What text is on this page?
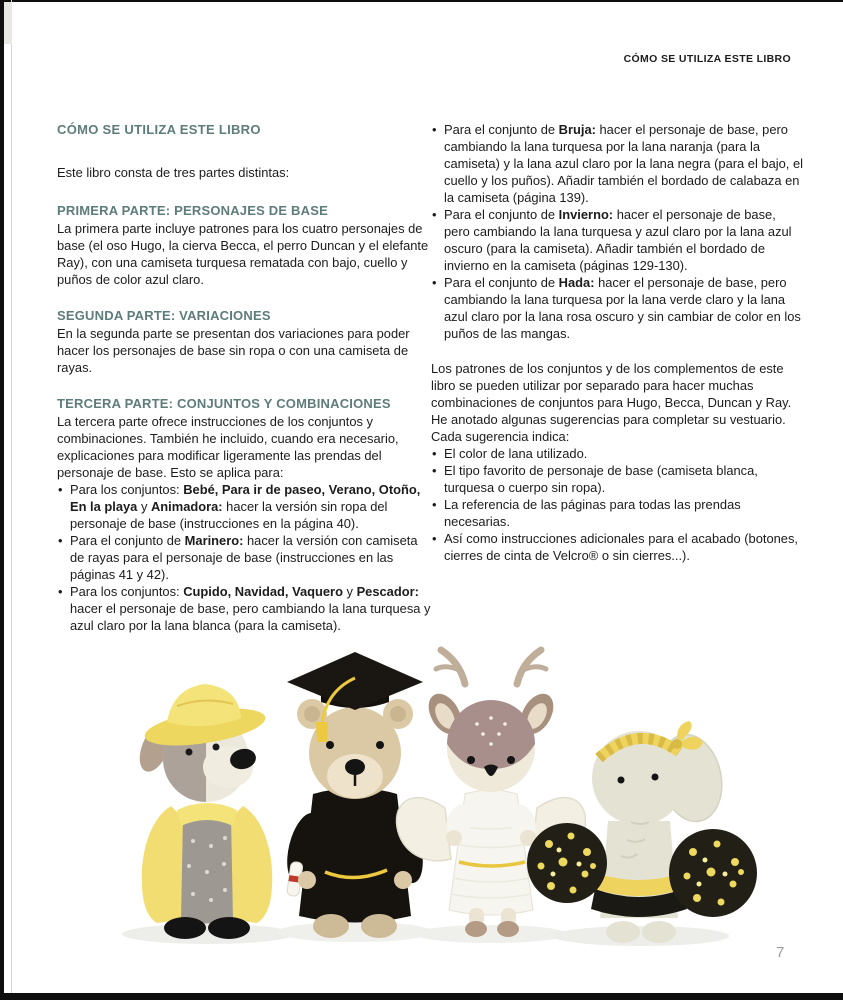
CÓMO SE UTILIZA ESTE LIBRO
CÓMO SE UTILIZA ESTE LIBRO

Este libro consta de tres partes distintas:

PRIMERA PARTE: PERSONAJES DE BASE

La primera parte incluye patrones para los cuatro personajes de base (el oso Hugo, la cierva Becca, el perro Duncan y el elefante Ray), con una camiseta turquesa rematada con bajo, cuello y puños de color azul claro.

SEGUNDA PARTE: VARIACIONES

En la segunda parte se presentan dos variaciones para poder hacer los personajes de base sin ropa o con una camiseta de rayas.

TERCERA PARTE: CONJUNTOS Y COMBINACIONES

La tercera parte ofrece instrucciones de los conjuntos y combinaciones. También he incluido, cuando era necesario, explicaciones para modificar ligeramente las prendas del personaje de base. Esto se aplica para:

• Para los conjuntos: Bebé, Para ir de paseo, Verano, Otoño, En la playa y Animadora: hacer la versión sin ropa del personaje de base (instrucciones en la página 40).
• Para el conjunto de Marinero: hacer la versión con camiseta de rayas para el personaje de base (instrucciones en las páginas 41 y 42).
• Para los conjuntos: Cupido, Navidad, Vaquero y Pescador: hacer el personaje de base, pero cambiando la lana turquesa y azul claro por la lana blanca (para la camiseta).
• Para el conjunto de Bruja: hacer el personaje de base, pero cambiando la lana turquesa por la lana naranja (para la camiseta) y la lana azul claro por la lana negra (para el bajo, el cuello y los puños). Añadir también el bordado de calabaza en la camiseta (página 139).
• Para el conjunto de Invierno: hacer el personaje de base, pero cambiando la lana turquesa y azul claro por la lana azul oscuro (para la camiseta). Añadir también el bordado de invierno en la camiseta (páginas 129-130).
• Para el conjunto de Hada: hacer el personaje de base, pero cambiando la lana turquesa por la lana verde claro y la lana azul claro por la lana rosa oscuro y sin cambiar de color en los puños de las mangas.

Los patrones de los conjuntos y de los complementos de este libro se pueden utilizar por separado para hacer muchas combinaciones de conjuntos para Hugo, Becca, Duncan y Ray. He anotado algunas sugerencias para completar su vestuario. Cada sugerencia indica:

• El color de lana utilizado.
• El tipo favorito de personaje de base (camiseta blanca, turquesa o cuerpo sin ropa).
• La referencia de las páginas para todas las prendas necesarias.
• Así como instrucciones adicionales para el acabado (botones, cierres de cinta de Velcro® o sin cierres...).
7
